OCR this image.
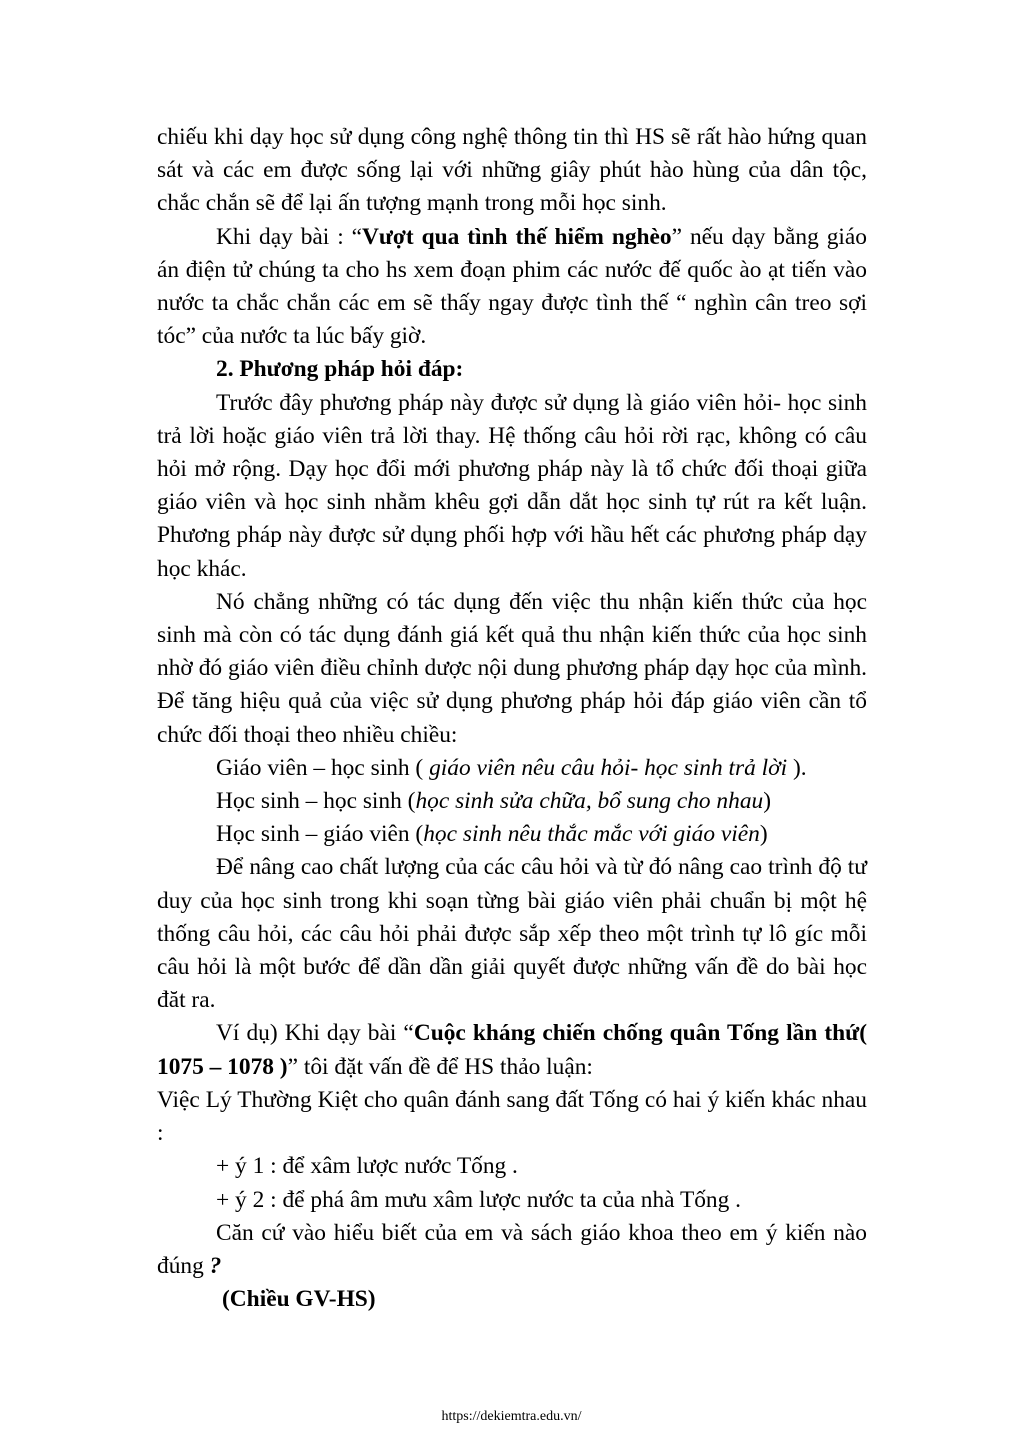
chiếu khi dạy học sử dụng công nghệ thông tin thì HS sẽ rất hào hứng quan sát và các em được sống lại với những giây phút hào hùng của dân tộc, chắc chắn sẽ để lại ấn tượng mạnh trong mỗi học sinh.

Khi dạy bài : “Vượt qua tình thế hiểm nghèo” nếu dạy bằng giáo án điện tử chúng ta cho hs xem đoạn phim các nước đế quốc ào ạt tiến vào nước ta chắc chắn các em sẽ thấy ngay được tình thế “ nghìn cân treo sợi tóc” của nước ta lúc bấy giờ.

2. Phương pháp hỏi đáp:

Trước đây phương pháp này được sử dụng là giáo viên hỏi- học sinh trả lời hoặc giáo viên trả lời thay. Hệ thống câu hỏi rời rạc, không có câu hỏi mở rộng. Dạy học đổi mới phương pháp này là tổ chức đối thoại giữa giáo viên và học sinh nhằm khêu gợi dẫn dắt học sinh tự rút ra kết luận. Phương pháp này được sử dụng phối hợp với hầu hết các phương pháp dạy học khác.

Nó chẳng những có tác dụng đến việc thu nhận kiến thức của học sinh mà còn có tác dụng đánh giá kết quả thu nhận kiến thức của học sinh nhờ đó giáo viên điều chỉnh dược nội dung phương pháp dạy học của mình. Để tăng hiệu quả của việc sử dụng phương pháp hỏi đáp giáo viên cần tổ chức đối thoại theo nhiều chiều:

Giáo viên – học sinh ( giáo viên nêu câu hỏi- học sinh trả lời ).

Học sinh – học sinh (học sinh sửa chữa, bổ sung cho nhau)

Học sinh – giáo viên (học sinh nêu thắc mắc với giáo viên)

Để nâng cao chất lượng của các câu hỏi và từ đó nâng cao trình độ tư duy của học sinh trong khi soạn từng bài giáo viên phải chuẩn bị một hệ thống câu hỏi, các câu hỏi phải được sắp xếp theo một trình tự lô gíc mỗi câu hỏi là một bước để dần dần giải quyết được những vấn đề do bài học đăt ra.

Ví dụ) Khi dạy bài “Cuộc kháng chiến chống quân Tống lần thứ( 1075 – 1078 )” tôi đặt vấn đề để HS thảo luận:

Việc Lý Thường Kiệt cho quân đánh sang đất Tống có hai ý kiến khác nhau :

+ ý 1 : để xâm lược nước Tống .

+ ý 2 : để phá âm mưu xâm lược nước ta của nhà Tống .

Căn cứ vào hiểu biết của em và sách giáo khoa theo em ý kiến nào đúng ?

(Chiều GV-HS)

https://dekiemtra.edu.vn/
